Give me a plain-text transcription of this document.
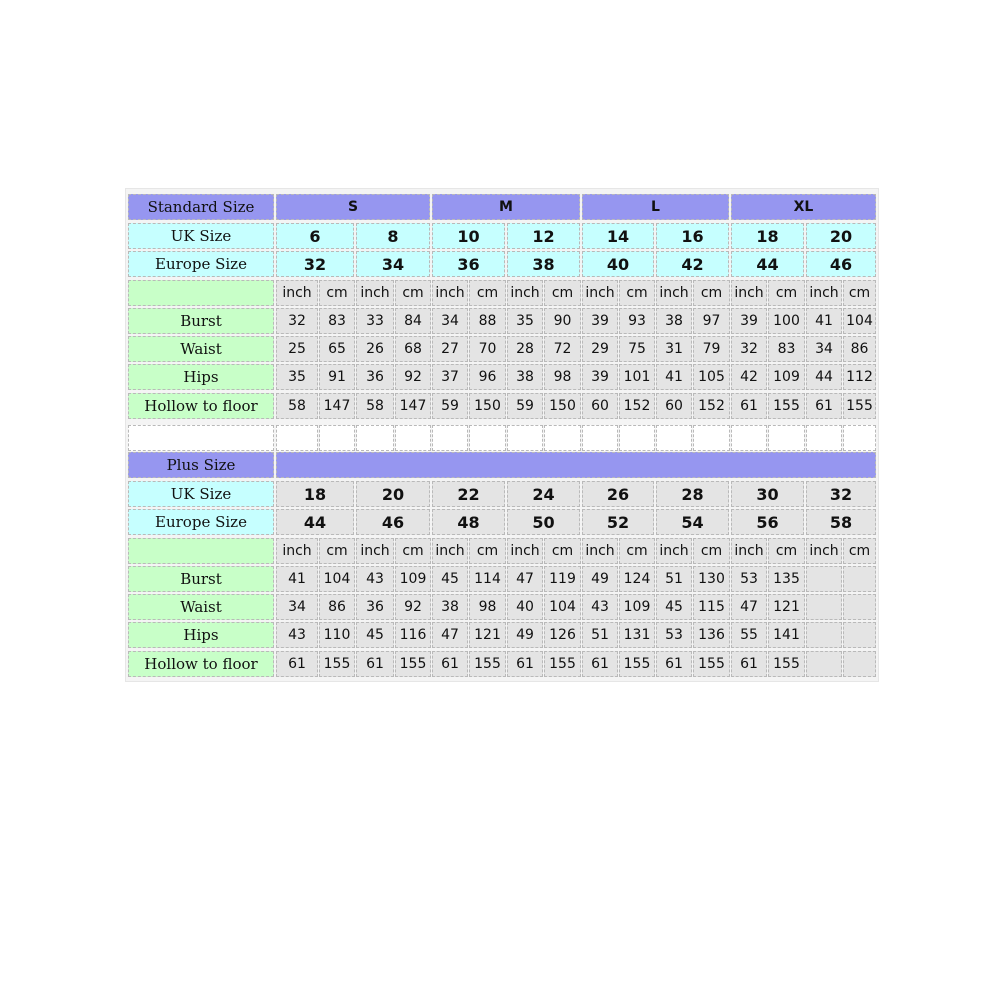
Standard Size	S	M	L	XL
UK Size	6	8	10	12	14	16	18	20
Europe Size	32	34	36	38	40	42	44	46
inch	cm inch cm inch cm inch cm inch cm inch cm inch cm inch cm
Burst	32	83	33	84	34	88	35	90	39	93	38	97	39	100	41 104
Waist	25	65	26	68	27	70	28	72	29	75	31	79	32	83	34	86
Hips	35	91	36	92	37	96	38	98	39	101	41	105	42	109	44 112
Hollow to floor	58	147	58	147	59	150	59	150	60	152	60	152	61	155	61 155
Plus Size
UK Size	18	20	22	24	26	28	30	32
Europe Size	44	46	48	50	52	54	56	58
inch	cm inch cm inch cm inch cm inch cm inch cm inch cm inch cm
Burst	41	104	43	109	45	114	47	119	49	124	51	130	53	135
Waist	34	86	36	92	38	98	40	104	43	109	45	115	47	121
Hips	43	110	45	116	47	121	49	126	51	131	53	136	55	141
Hollow to floor	61	155	61	155	61	155	61	155	61	155	61	155	61	155
